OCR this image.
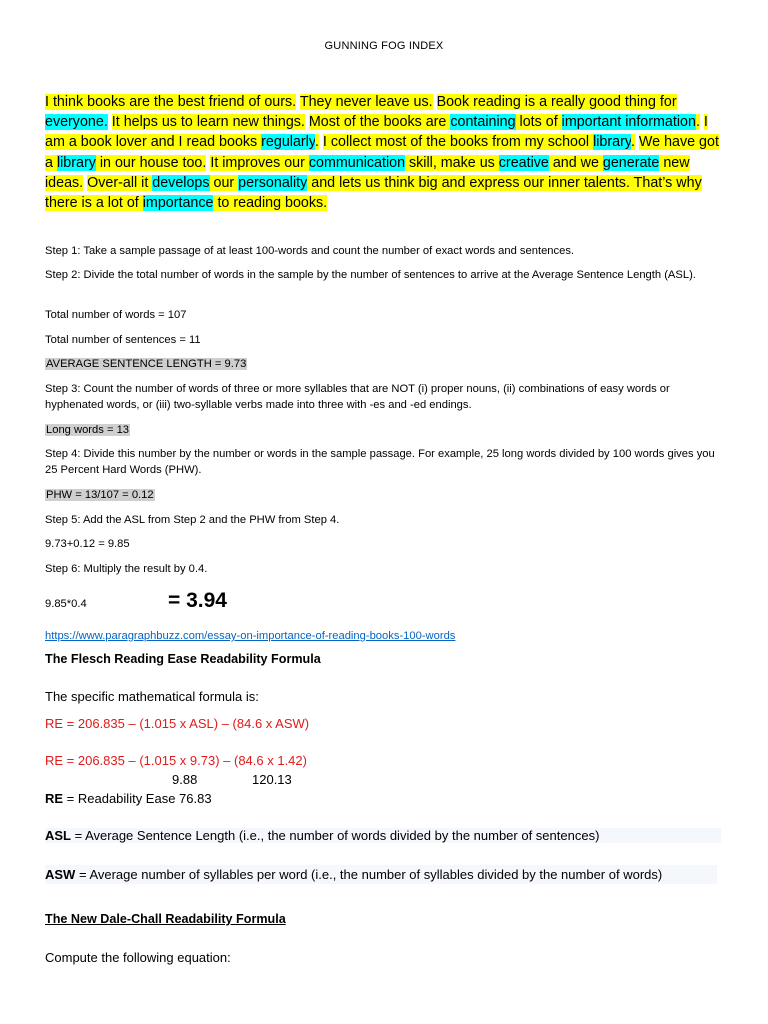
GUNNING FOG INDEX
I think books are the best friend of ours. They never leave us. Book reading is a really good thing for everyone. It helps us to learn new things. Most of the books are containing lots of important information. I am a book lover and I read books regularly. I collect most of the books from my school library. We have got a library in our house too. It improves our communication skill, make us creative and we generate new ideas. Over-all it develops our personality and lets us think big and express our inner talents. That’s why there is a lot of importance to reading books.
Step 1: Take a sample passage of at least 100-words and count the number of exact words and sentences.
Step 2: Divide the total number of words in the sample by the number of sentences to arrive at the Average Sentence Length (ASL).
Total number of words = 107
Total number of sentences = 11
AVERAGE SENTENCE LENGTH = 9.73
Step 3: Count the number of words of three or more syllables that are NOT (i) proper nouns, (ii) combinations of easy words or hyphenated words, or (iii) two-syllable verbs made into three with -es and -ed endings.
Long words = 13
Step 4: Divide this number by the number or words in the sample passage. For example, 25 long words divided by 100 words gives you 25 Percent Hard Words (PHW).
PHW = 13/107 = 0.12
Step 5: Add the ASL from Step 2 and the PHW from Step 4.
9.73+0.12 = 9.85
Step 6: Multiply the result by 0.4.
9.85*0.4	= 3.94
https://www.paragraphbuzz.com/essay-on-importance-of-reading-books-100-words
The Flesch Reading Ease Readability Formula
The specific mathematical formula is:
RE = 206.835 – (1.015 x ASL) – (84.6 x ASW)
RE = 206.835 – (1.015 x 9.73) – (84.6 x 1.42)
9.88	120.13
RE = Readability Ease 76.83
ASL = Average Sentence Length (i.e., the number of words divided by the number of sentences)
ASW = Average number of syllables per word (i.e., the number of syllables divided by the number of words)
The New Dale-Chall Readability Formula
Compute the following equation:
